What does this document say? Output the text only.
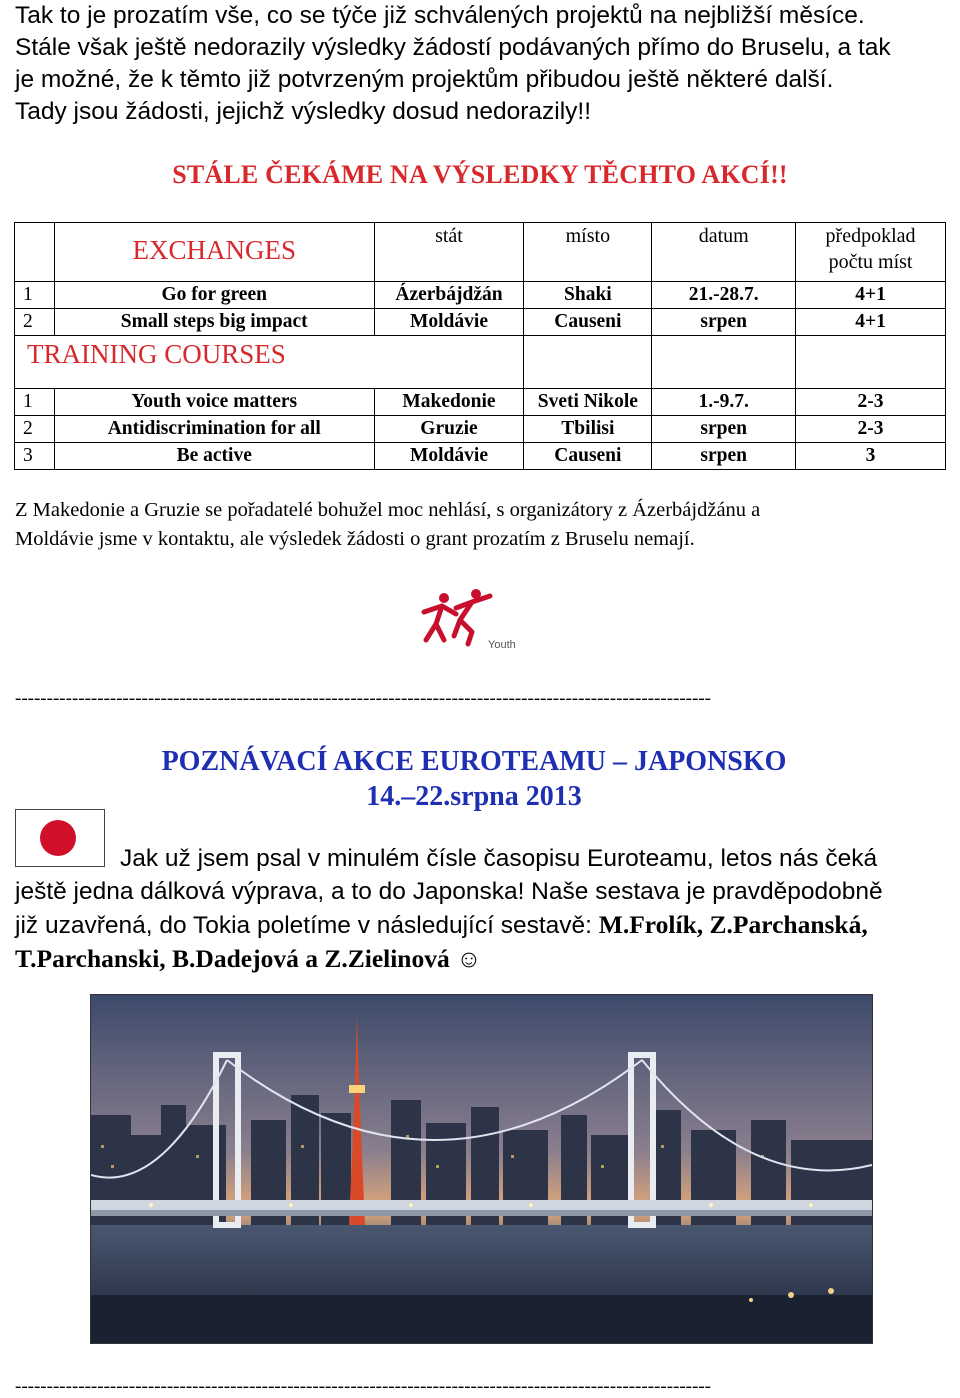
Tak to je prozatím vše, co se týče již schválených projektů na nejbližší měsíce.

Stále však ještě nedorazily výsledky žádostí podávaných přímo do Bruselu, a tak

je možné, že k těmto již potvrzeným projektům přibudou ještě některé další.

Tady jsou žádosti, jejichž výsledky dosud nedorazily!!

STÁLE ČEKÁME NA VÝSLEDKY TĚCHTO AKCÍ!!
	EXCHANGES	stát	místo	datum	předpoklad
počtu míst
1	Go for green	Ázerbájdžán	Shaki	21.-28.7.	4+1
2	Small steps big impact	Moldávie	Causeni	srpen	4+1
TRAINING COURSES					
1	Youth voice matters	Makedonie	Sveti Nikole	1.-9.7.	2-3
2	Antidiscrimination for all	Gruzie	Tbilisi	srpen	2-3
3	Be active	Moldávie	Causeni	srpen	3

Z Makedonie a Gruzie se pořadatelé bohužel moc nehlásí, s organizátory z Ázerbájdžánu a

Moldávie jsme v kontaktu, ale výsledek žádosti o grant prozatím z Bruselu nemají.

Youth
--------------------------------------------------------------------------------------------------------------
POZNÁVACÍ AKCE EUROTEAMU – JAPONSKO
14.–22.srpna 2013

Jak už jsem psal v minulém čísle časopisu Euroteamu, letos nás čeká

ještě jedna dálková výprava, a to do Japonska! Naše sestava je pravděpodobně

již uzavřená, do Tokia poletíme v následující sestavě: M.Frolík, Z.Parchanská,

T.Parchanski, B.Dadejová a Z.Zielinová ☺

--------------------------------------------------------------------------------------------------------------
